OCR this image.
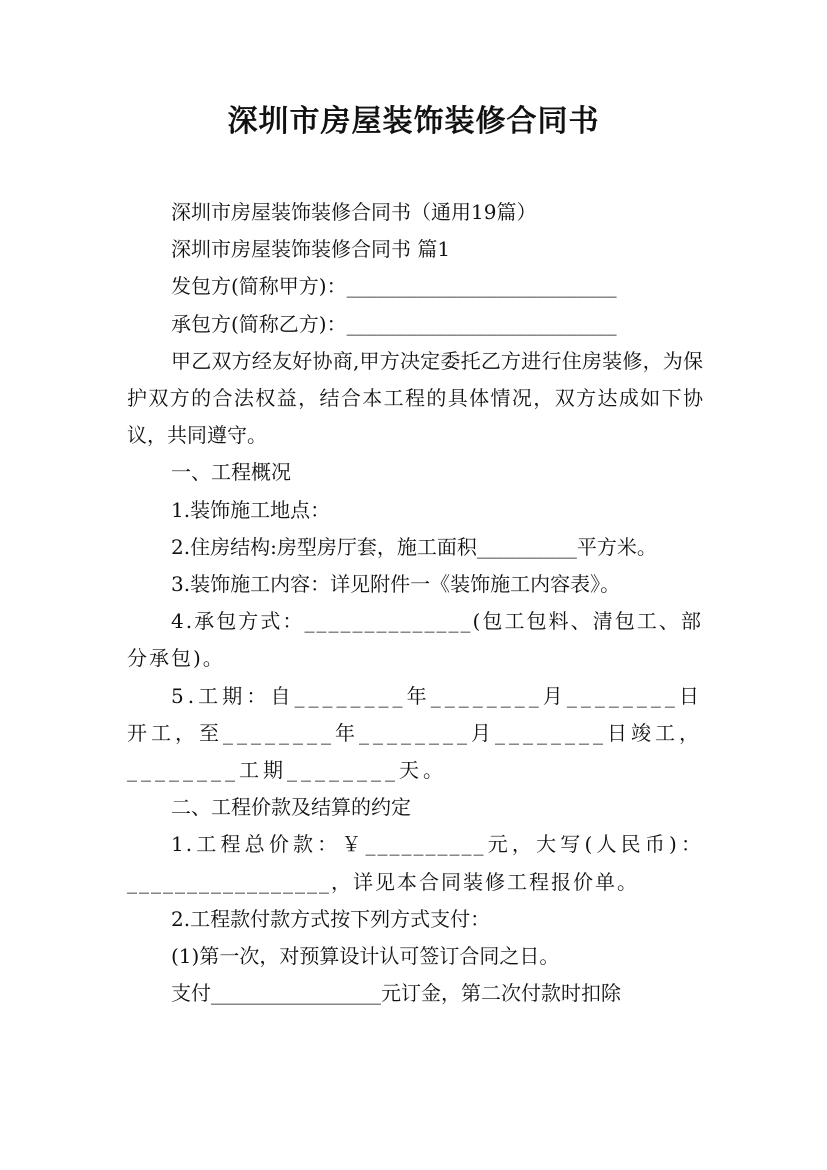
深圳市房屋装饰装修合同书

深圳市房屋装饰装修合同书（通用19篇）

深圳市房屋装饰装修合同书 篇1

发包方(简称甲方)：___________________________

承包方(简称乙方)：___________________________

甲乙双方经友好协商,甲方决定委托乙方进行住房装修，为保护双方的合法权益，结合本工程的具体情况，双方达成如下协议，共同遵守。

一、工程概况

1.装饰施工地点：

2.住房结构:房型房厅套，施工面积__________平方米。

3.装饰施工内容：详见附件一《装饰施工内容表》。

4.承包方式：______________(包工包料、清包工、部分承包)。

5.工期：自________年________月________日开工，至________年________月________日竣工，________工期________天。

二、工程价款及结算的约定

1.工程总价款：￥__________元，大写(人民币)：_________________，详见本合同装修工程报价单。

2.工程款付款方式按下列方式支付：

(1)第一次，对预算设计认可签订合同之日。

支付_________________元订金，第二次付款时扣除
